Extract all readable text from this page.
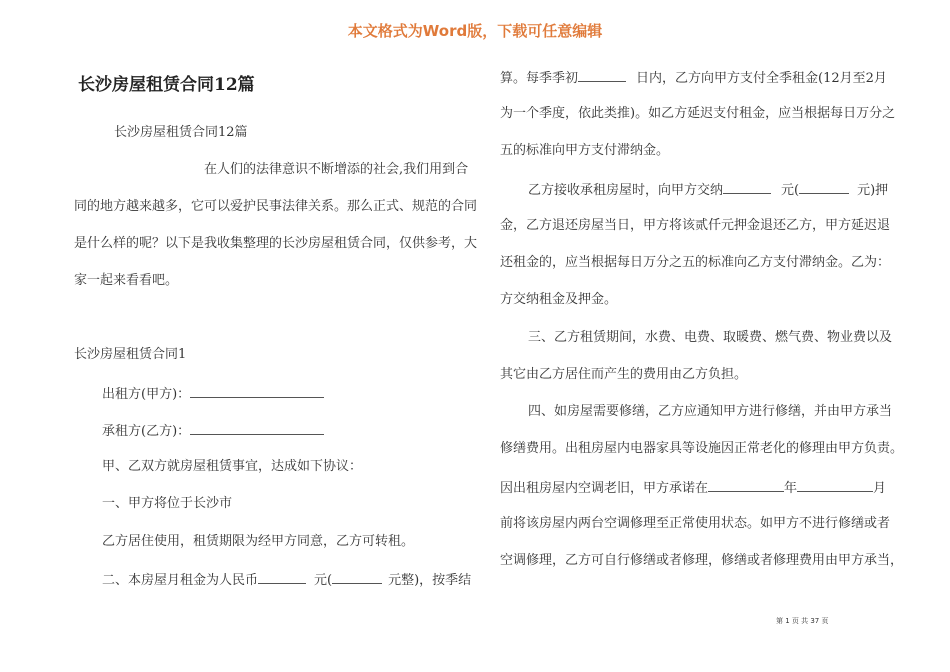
本文格式为Word版，下载可任意编辑
长沙房屋租赁合同12篇
长沙房屋租赁合同12篇
在人们的法律意识不断增添的社会,我们用到合
同的地方越来越多，它可以爱护民事法律关系。那么正式、规范的合同
是什么样的呢？以下是我收集整理的长沙房屋租赁合同，仅供参考，大
家一起来看看吧。
长沙房屋租赁合同1
出租方(甲方)：
承租方(乙方)：
甲、乙双方就房屋租赁事宜，达成如下协议：
一、甲方将位于长沙市
乙方居住使用，租赁期限为经甲方同意，乙方可转租。
二、本房屋月租金为人民币	元(	元整)，按季结
算。每季季初	日内，乙方向甲方支付全季租金(12月至2月
为一个季度，依此类推)。如乙方延迟支付租金，应当根据每日万分之
五的标准向甲方支付滞纳金。
乙方接收承租房屋时，向甲方交纳	元(	元)押
金，乙方退还房屋当日，甲方将该贰仟元押金退还乙方，甲方延迟退
还租金的，应当根据每日万分之五的标准向乙方支付滞纳金。乙为：
方交纳租金及押金。
三、乙方租赁期间，水费、电费、取暖费、燃气费、物业费以及
其它由乙方居住而产生的费用由乙方负担。
四、如房屋需要修缮，乙方应通知甲方进行修缮，并由甲方承当
修缮费用。出租房屋内电器家具等设施因正常老化的修理由甲方负责。
因出租房屋内空调老旧，甲方承诺在	年	月
前将该房屋内两台空调修理至正常使用状态。如甲方不进行修缮或者
空调修理，乙方可自行修缮或者修理，修缮或者修理费用由甲方承当，
第 1 页 共 37 页
